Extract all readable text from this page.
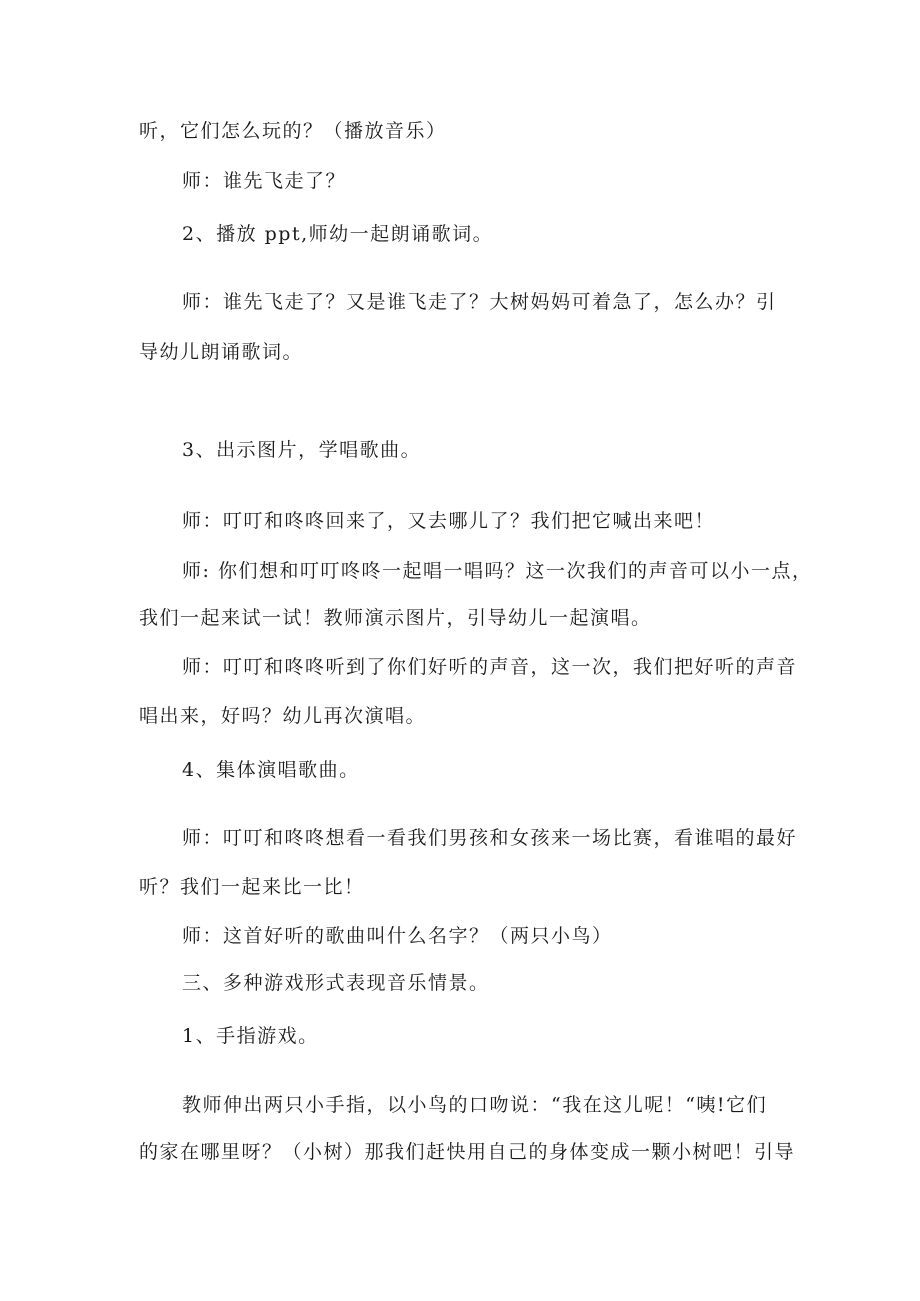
听，它们怎么玩的？（播放音乐）
师：谁先飞走了？
2、播放 ppt,师幼一起朗诵歌词。
师：谁先飞走了？又是谁飞走了？大树妈妈可着急了，怎么办？引
导幼儿朗诵歌词。
3、出示图片，学唱歌曲。
师：叮叮和咚咚回来了，又去哪儿了？我们把它喊出来吧！
师: 你们想和叮叮咚咚一起唱一唱吗？这一次我们的声音可以小一点，
我们一起来试一试！教师演示图片，引导幼儿一起演唱。
师：叮叮和咚咚听到了你们好听的声音，这一次，我们把好听的声音
唱出来，好吗？幼儿再次演唱。
4、集体演唱歌曲。
师：叮叮和咚咚想看一看我们男孩和女孩来一场比赛，看谁唱的最好
听？我们一起来比一比！
师：这首好听的歌曲叫什么名字？（两只小鸟）
三、多种游戏形式表现音乐情景。
1、手指游戏。
教师伸出两只小手指，以小鸟的口吻说：“我在这儿呢！“咦!它们
的家在哪里呀？（小树）那我们赶快用自己的身体变成一颗小树吧！引导
